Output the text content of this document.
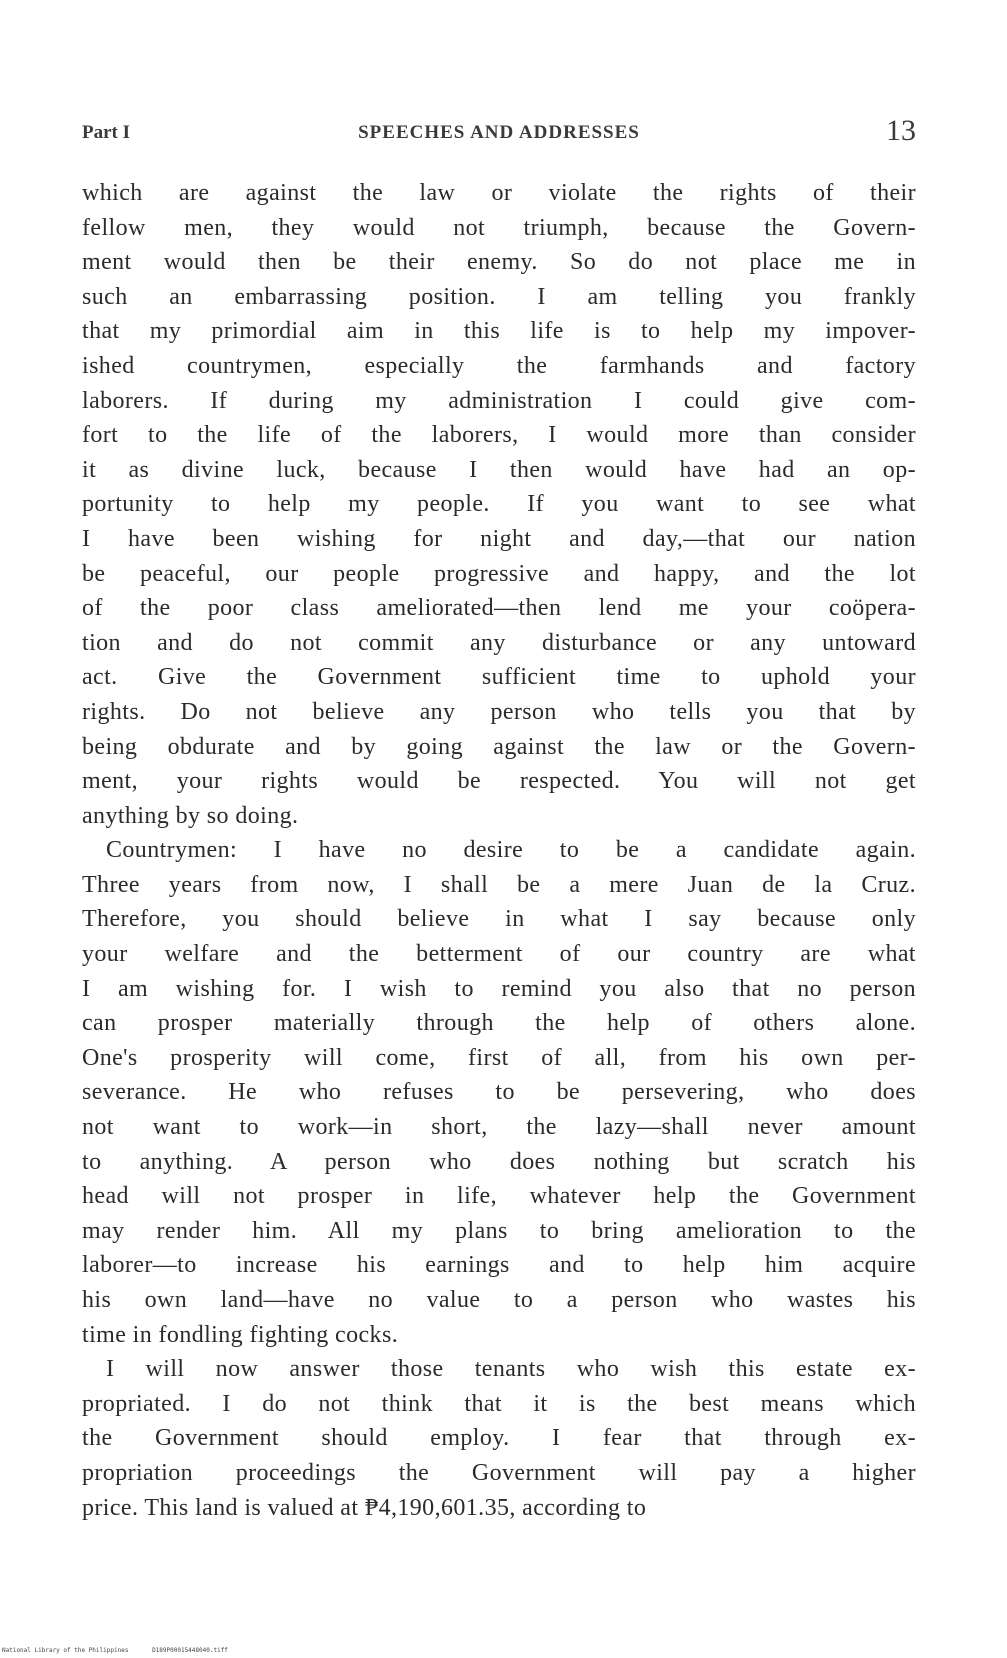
Part I	SPEECHES AND ADDRESSES	13
which are against the law or violate the rights of their
fellow men, they would not triumph, because the Govern-
ment would then be their enemy. So do not place me in
such an embarrassing position. I am telling you frankly
that my primordial aim in this life is to help my impover-
ished countrymen, especially the farmhands and factory
laborers. If during my administration I could give com-
fort to the life of the laborers, I would more than consider
it as divine luck, because I then would have had an op-
portunity to help my people. If you want to see what
I have been wishing for night and day,—that our nation
be peaceful, our people progressive and happy, and the lot
of the poor class ameliorated—then lend me your coöpera-
tion and do not commit any disturbance or any untoward
act. Give the Government sufficient time to uphold your
rights. Do not believe any person who tells you that by
being obdurate and by going against the law or the Govern-
ment, your rights would be respected. You will not get
anything by so doing.
Countrymen: I have no desire to be a candidate again.
Three years from now, I shall be a mere Juan de la Cruz.
Therefore, you should believe in what I say because only
your welfare and the betterment of our country are what
I am wishing for. I wish to remind you also that no person
can prosper materially through the help of others alone.
One's prosperity will come, first of all, from his own per-
severance. He who refuses to be persevering, who does
not want to work—in short, the lazy—shall never amount
to anything. A person who does nothing but scratch his
head will not prosper in life, whatever help the Government
may render him. All my plans to bring amelioration to the
laborer—to increase his earnings and to help him acquire
his own land—have no value to a person who wastes his
time in fondling fighting cocks.
I will now answer those tenants who wish this estate ex-
propriated. I do not think that it is the best means which
the Government should employ. I fear that through ex-
propriation proceedings the Government will pay a higher
price. This land is valued at ₱4,190,601.35, according to
National Library of the Philippines	D189P00015448040.tiff
